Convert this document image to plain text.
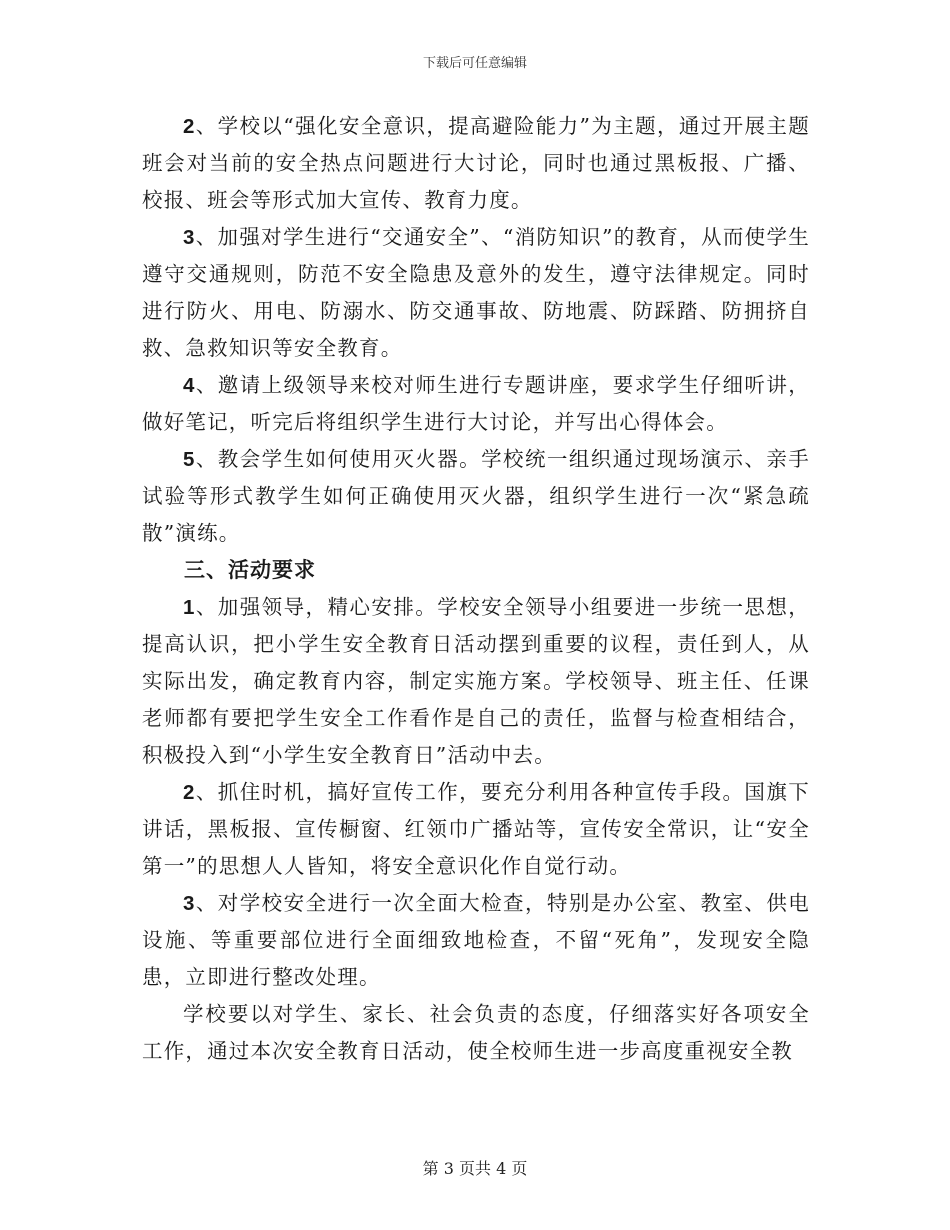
下载后可任意编辑

2、学校以“强化安全意识，提高避险能力”为主题，通过开展主题班会对当前的安全热点问题进行大讨论，同时也通过黑板报、广播、校报、班会等形式加大宣传、教育力度。

3、加强对学生进行“交通安全”、“消防知识”的教育，从而使学生遵守交通规则，防范不安全隐患及意外的发生，遵守法律规定。同时进行防火、用电、防溺水、防交通事故、防地震、防踩踏、防拥挤自救、急救知识等安全教育。

4、邀请上级领导来校对师生进行专题讲座，要求学生仔细听讲，做好笔记，听完后将组织学生进行大讨论，并写出心得体会。

5、教会学生如何使用灭火器。学校统一组织通过现场演示、亲手试验等形式教学生如何正确使用灭火器，组织学生进行一次“紧急疏散”演练。

三、活动要求

1、加强领导，精心安排。学校安全领导小组要进一步统一思想，提高认识，把小学生安全教育日活动摆到重要的议程，责任到人，从实际出发，确定教育内容，制定实施方案。学校领导、班主任、任课老师都有要把学生安全工作看作是自己的责任，监督与检查相结合，积极投入到“小学生安全教育日”活动中去。

2、抓住时机，搞好宣传工作，要充分利用各种宣传手段。国旗下讲话，黑板报、宣传橱窗、红领巾广播站等，宣传安全常识，让“安全第一”的思想人人皆知，将安全意识化作自觉行动。

3、对学校安全进行一次全面大检查，特别是办公室、教室、供电设施、等重要部位进行全面细致地检查，不留“死角”，发现安全隐患，立即进行整改处理。

学校要以对学生、家长、社会负责的态度，仔细落实好各项安全工作，通过本次安全教育日活动，使全校师生进一步高度重视安全教

第 3 页共 4 页
